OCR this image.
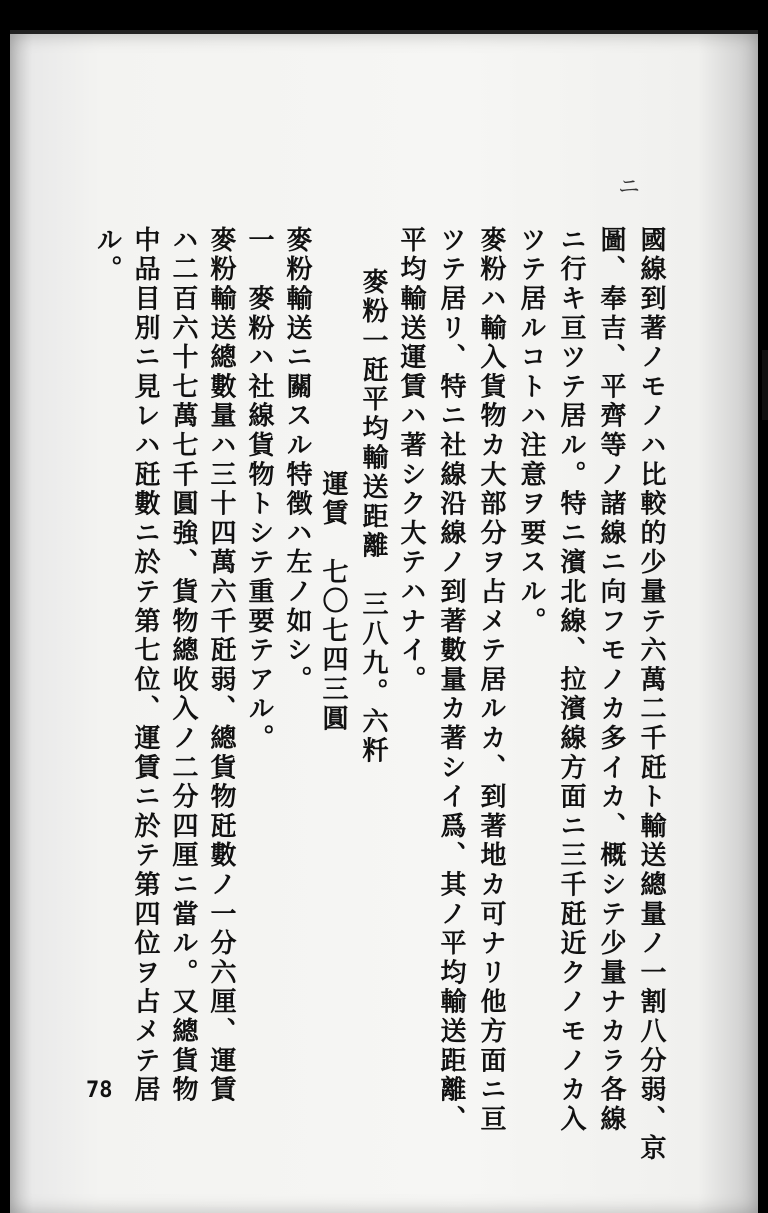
ニ
國線到著ノモノハ比較的少量テ六萬二千瓩ト輸送總量ノ一割八分弱、京
圖、奉吉、平齊等ノ諸線ニ向フモノカ多イカ、概シテ少量ナカラ各線
ニ行キ亘ツテ居ル。特ニ濱北線、拉濱線方面ニ三千瓩近クノモノカ入
ツテ居ルコトハ注意ヲ要スル。
麥粉ハ輸入貨物カ大部分ヲ占メテ居ルカ、到著地カ可ナリ他方面ニ亘
ツテ居リ、特ニ社線沿線ノ到著數量カ著シイ爲、其ノ平均輸送距離、
平均輸送運賃ハ著シク大テハナイ。
麥粉一瓩平均輸送距離　三八九。六粁
運賃　七〇七四三圓
麥粉輸送ニ關スル特徴ハ左ノ如シ。
一　麥粉ハ社線貨物トシテ重要テアル。
麥粉輸送總數量ハ三十四萬六千瓩弱、總貨物瓩數ノ一分六厘、運賃
ハ二百六十七萬七千圓強、貨物總收入ノ二分四厘ニ當ル。又總貨物
中品目別ニ見レハ瓩數ニ於テ第七位、運賃ニ於テ第四位ヲ占メテ居
ル。
78
